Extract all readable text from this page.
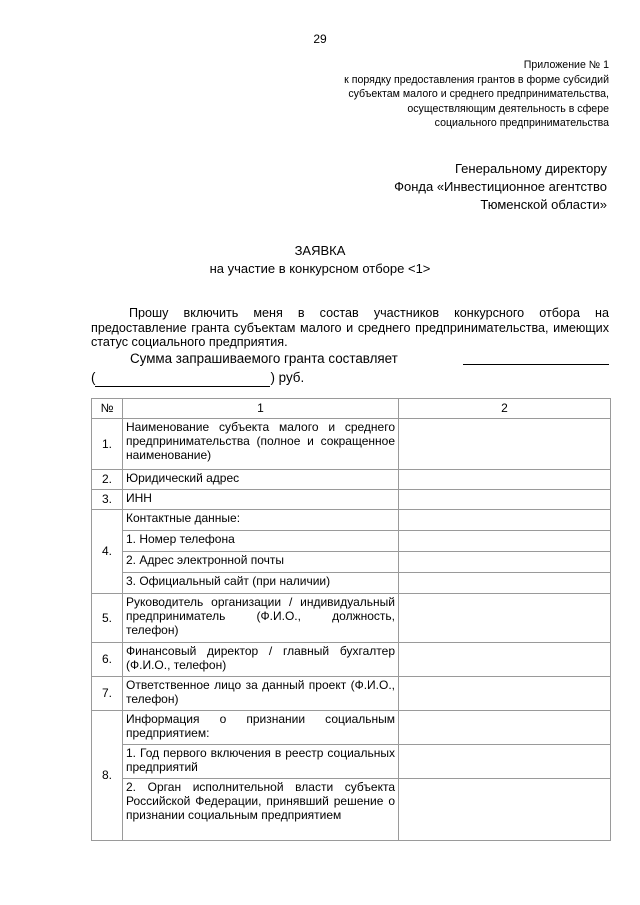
29
Приложение № 1
к порядку предоставления грантов в форме субсидий
субъектам малого и среднего предпринимательства,
осуществляющим деятельность в сфере
социального предпринимательства
Генеральному директору
Фонда «Инвестиционное агентство
Тюменской области»
ЗАЯВКА
на участие в конкурсном отборе <1>
Прошу включить меня в состав участников конкурсного отбора на предоставление гранта субъектам малого и среднего предпринимательства, имеющих статус социального предприятия.
Сумма запрашиваемого гранта составляет
(	) руб.
№	1	2
1.	Наименование субъекта малого и среднего предпринимательства (полное и сокращенное наименование)	
2.	Юридический адрес	
3.	ИНН	
4.	Контактные данные:	
	1. Номер телефона	
	2. Адрес электронной почты	
	3. Официальный сайт (при наличии)	
5.	Руководитель организации / индивидуальный предприниматель (Ф.И.О., должность, телефон)	
6.	Финансовый директор / главный бухгалтер (Ф.И.О., телефон)	
7.	Ответственное лицо за данный проект (Ф.И.О., телефон)	
8.	Информация о признании социальным предприятием:	
	1. Год первого включения в реестр социальных предприятий	
	2. Орган исполнительной власти субъекта Российской Федерации, принявший решение о признании социальным предприятием	
